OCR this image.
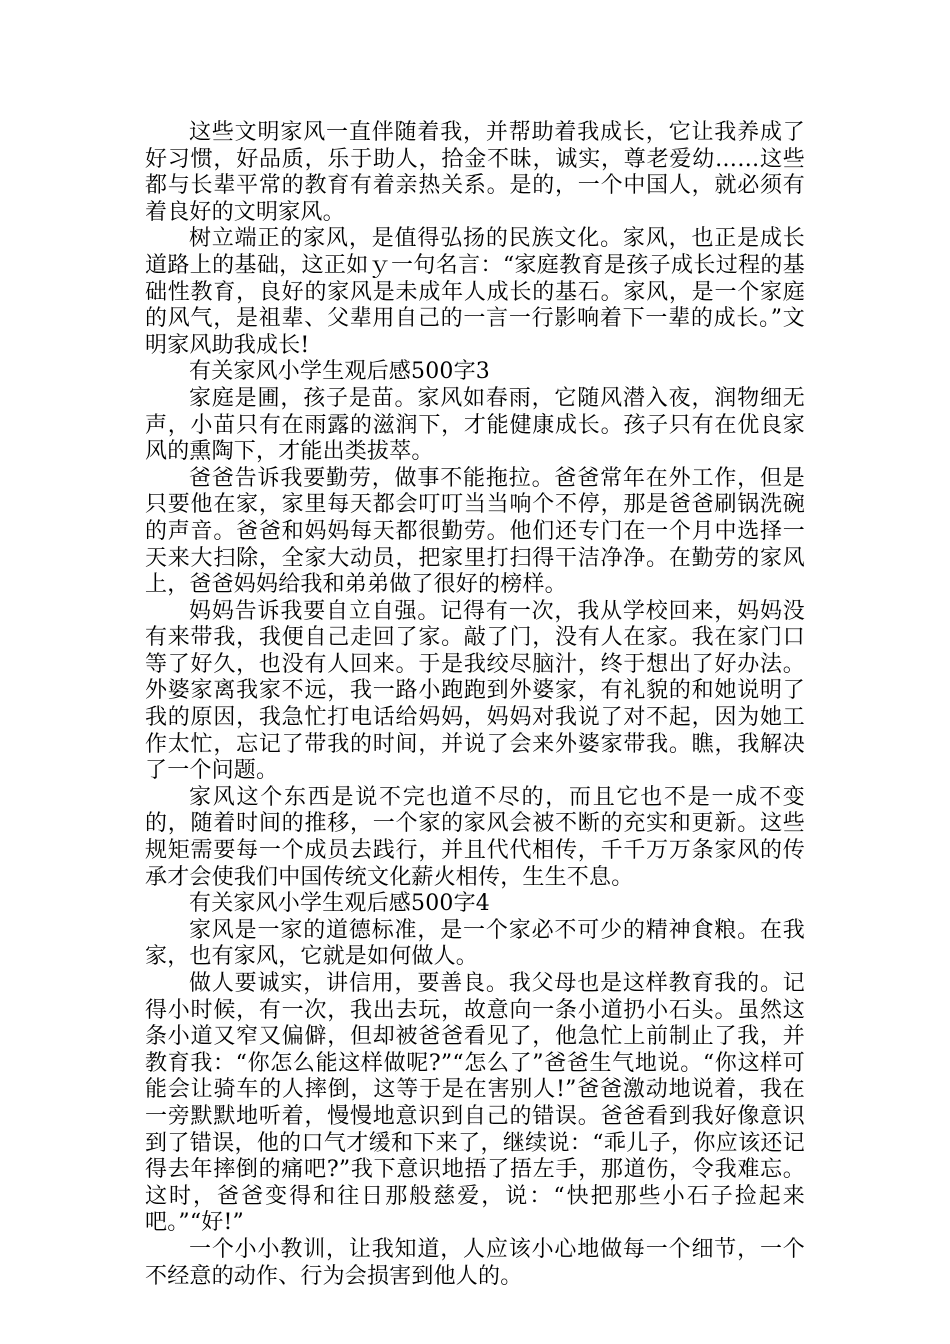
这些文明家风一直伴随着我，并帮助着我成长，它让我养成了好习惯，好品质，乐于助人，拾金不昧，诚实，尊老爱幼……这些都与长辈平常的教育有着亲热关系。是的，一个中国人，就必须有着良好的文明家风。

树立端正的家风，是值得弘扬的民族文化。家风，也正是成长道路上的基础，这正如ｙ一句名言：“家庭教育是孩子成长过程的基础性教育，良好的家风是未成年人成长的基石。家风，是一个家庭的风气，是祖辈、父辈用自己的一言一行影响着下一辈的成长。”文明家风助我成长!

有关家风小学生观后感500字3

家庭是圃，孩子是苗。家风如春雨，它随风潜入夜，润物细无声，小苗只有在雨露的滋润下，才能健康成长。孩子只有在优良家风的熏陶下，才能出类拔萃。

爸爸告诉我要勤劳，做事不能拖拉。爸爸常年在外工作，但是只要他在家，家里每天都会叮叮当当响个不停，那是爸爸刷锅洗碗的声音。爸爸和妈妈每天都很勤劳。他们还专门在一个月中选择一天来大扫除，全家大动员，把家里打扫得干洁净净。在勤劳的家风上，爸爸妈妈给我和弟弟做了很好的榜样。

妈妈告诉我要自立自强。记得有一次，我从学校回来，妈妈没有来带我，我便自己走回了家。敲了门，没有人在家。我在家门口等了好久，也没有人回来。于是我绞尽脑汁，终于想出了好办法。外婆家离我家不远，我一路小跑跑到外婆家，有礼貌的和她说明了我的原因，我急忙打电话给妈妈，妈妈对我说了对不起，因为她工作太忙，忘记了带我的时间，并说了会来外婆家带我。瞧，我解决了一个问题。

家风这个东西是说不完也道不尽的，而且它也不是一成不变的，随着时间的推移，一个家的家风会被不断的充实和更新。这些规矩需要每一个成员去践行，并且代代相传，千千万万条家风的传承才会使我们中国传统文化薪火相传，生生不息。

有关家风小学生观后感500字4

家风是一家的道德标准，是一个家必不可少的精神食粮。在我家，也有家风，它就是如何做人。

做人要诚实，讲信用，要善良。我父母也是这样教育我的。记得小时候，有一次，我出去玩，故意向一条小道扔小石头。虽然这条小道又窄又偏僻，但却被爸爸看见了，他急忙上前制止了我，并教育我：“你怎么能这样做呢?”“怎么了”爸爸生气地说。“你这样可能会让骑车的人摔倒，这等于是在害别人!”爸爸激动地说着，我在一旁默默地听着，慢慢地意识到自己的错误。爸爸看到我好像意识到了错误，他的口气才缓和下来了，继续说：“乖儿子，你应该还记得去年摔倒的痛吧?”我下意识地捂了捂左手，那道伤，令我难忘。这时，爸爸变得和往日那般慈爱，说：“快把那些小石子捡起来吧。”“好!”

一个小小教训，让我知道，人应该小心地做每一个细节，一个不经意的动作、行为会损害到他人的。
